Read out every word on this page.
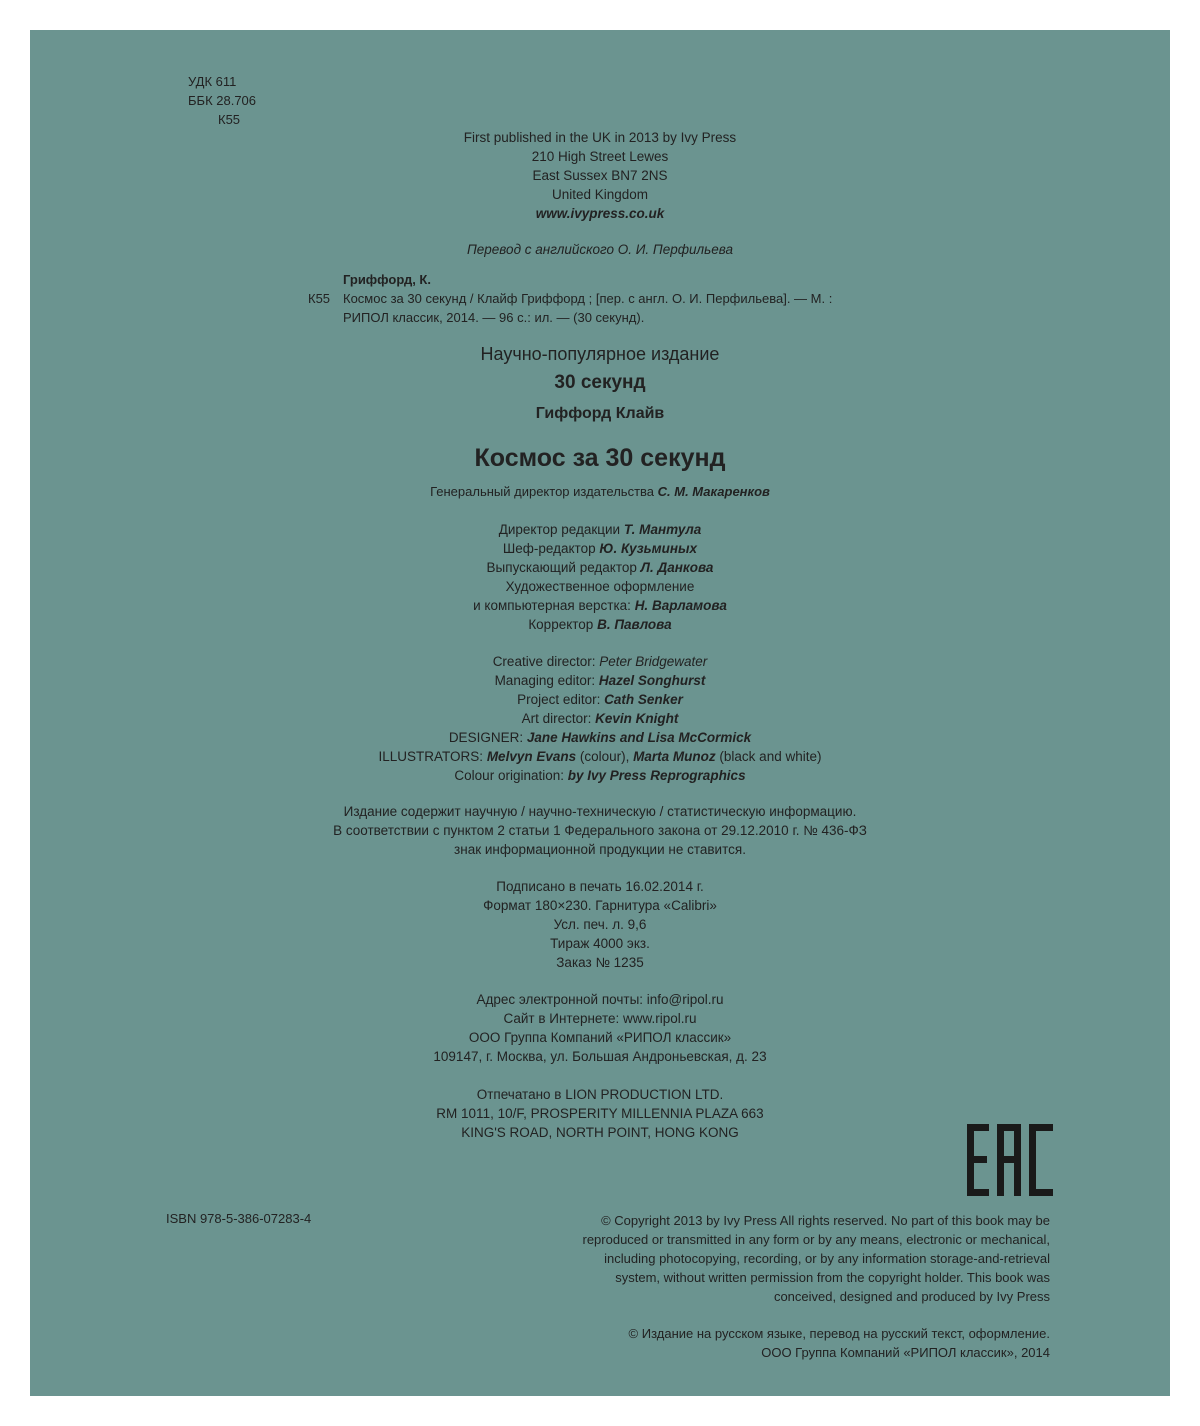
УДК 611
ББК 28.706
К55
First published in the UK in 2013 by Ivy Press
210 High Street Lewes
East Sussex BN7 2NS
United Kingdom
www.ivypress.co.uk
Перевод с английского О. И. Перфильева
Гриффорд, К.
К55 Космос за 30 секунд / Клайф Гриффорд ; [пер. с англ. О. И. Перфильева]. — М. :
РИПОЛ классик, 2014. — 96 с.: ил. — (30 секунд).
Научно-популярное издание
30 секунд
Гиффорд Клайв
Космос за 30 секунд
Генеральный директор издательства С. М. Макаренков
Директор редакции Т. Мантула
Шеф-редактор Ю. Кузьминых
Выпускающий редактор Л. Данкова
Художественное оформление
и компьютерная верстка: Н. Варламова
Корректор В. Павлова
Creative director: Peter Bridgewater
Managing editor: Hazel Songhurst
Project editor: Cath Senker
Art director: Kevin Knight
DESIGNER: Jane Hawkins and Lisa McCormick
ILLUSTRATORS: Melvyn Evans (colour), Marta Munoz (black and white)
Colour origination: by Ivy Press Reprographics
Издание содержит научную / научно-техническую / статистическую информацию.
В соответствии с пунктом 2 статьи 1 Федерального закона от 29.12.2010 г. № 436-ФЗ
знак информационной продукции не ставится.
Подписано в печать 16.02.2014 г.
Формат 180×230. Гарнитура «Calibri»
Усл. печ. л. 9,6
Тираж 4000 экз.
Заказ № 1235
Адрес электронной почты: info@ripol.ru
Сайт в Интернете: www.ripol.ru
ООО Группа Компаний «РИПОЛ классик»
109147, г. Москва, ул. Большая Андроньевская, д. 23
Отпечатано в LION PRODUCTION LTD.
RM 1011, 10/F, PROSPERITY MILLENNIA PLAZA 663
KING'S ROAD, NORTH POINT, HONG KONG
ISBN 978-5-386-07283-4	© Copyright 2013 by Ivy Press All rights reserved. No part of this book may be
reproduced or transmitted in any form or by any means, electronic or mechanical,
including photocopying, recording, or by any information storage-and-retrieval
system, without written permission from the copyright holder. This book was
conceived, designed and produced by Ivy Press
© Издание на русском языке, перевод на русский текст, оформление.
ООО Группа Компаний «РИПОЛ классик», 2014
